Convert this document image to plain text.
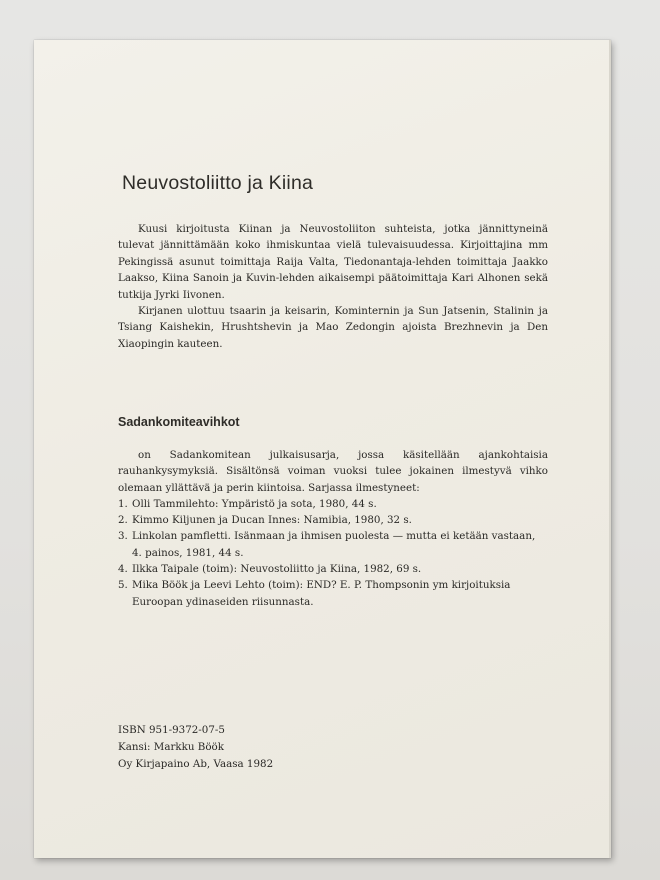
Neuvostoliitto ja Kiina

Kuusi kirjoitusta Kiinan ja Neuvostoliiton suhteista, jotka jännittyneinä tulevat jännittämään koko ihmiskuntaa vielä tulevaisuudessa. Kirjoittajina mm Pekingissä asunut toimittaja Raija Valta, Tiedonantaja-lehden toimittaja Jaakko Laakso, Kiina Sanoin ja Kuvin-lehden aikaisempi päätoimittaja Kari Alhonen sekä tutkija Jyrki Iivonen.

Kirjanen ulottuu tsaarin ja keisarin, Kominternin ja Sun Jatsenin, Stalinin ja Tsiang Kaishekin, Hrushtshevin ja Mao Zedongin ajoista Brezhnevin ja Den Xiaopingin kauteen.

Sadankomiteavihkot

on Sadankomitean julkaisusarja, jossa käsitellään ajankohtaisia rauhankysymyksiä. Sisältönsä voiman vuoksi tulee jokainen ilmestyvä vihko olemaan yllättävä ja perin kiintoisa. Sarjassa ilmestyneet:

1. Olli Tammilehto: Ympäristö ja sota, 1980, 44 s.
2. Kimmo Kiljunen ja Ducan Innes: Namibia, 1980, 32 s.
3. Linkolan pamfletti. Isänmaan ja ihmisen puolesta — mutta ei ketään vastaan, 4. painos, 1981, 44 s.
4. Ilkka Taipale (toim): Neuvostoliitto ja Kiina, 1982, 69 s.
5. Mika Böök ja Leevi Lehto (toim): END? E. P. Thompsonin ym kirjoituksia Euroopan ydinaseiden riisunnasta.
ISBN 951-9372-07-5
Kansi: Markku Böök
Oy Kirjapaino Ab, Vaasa 1982
